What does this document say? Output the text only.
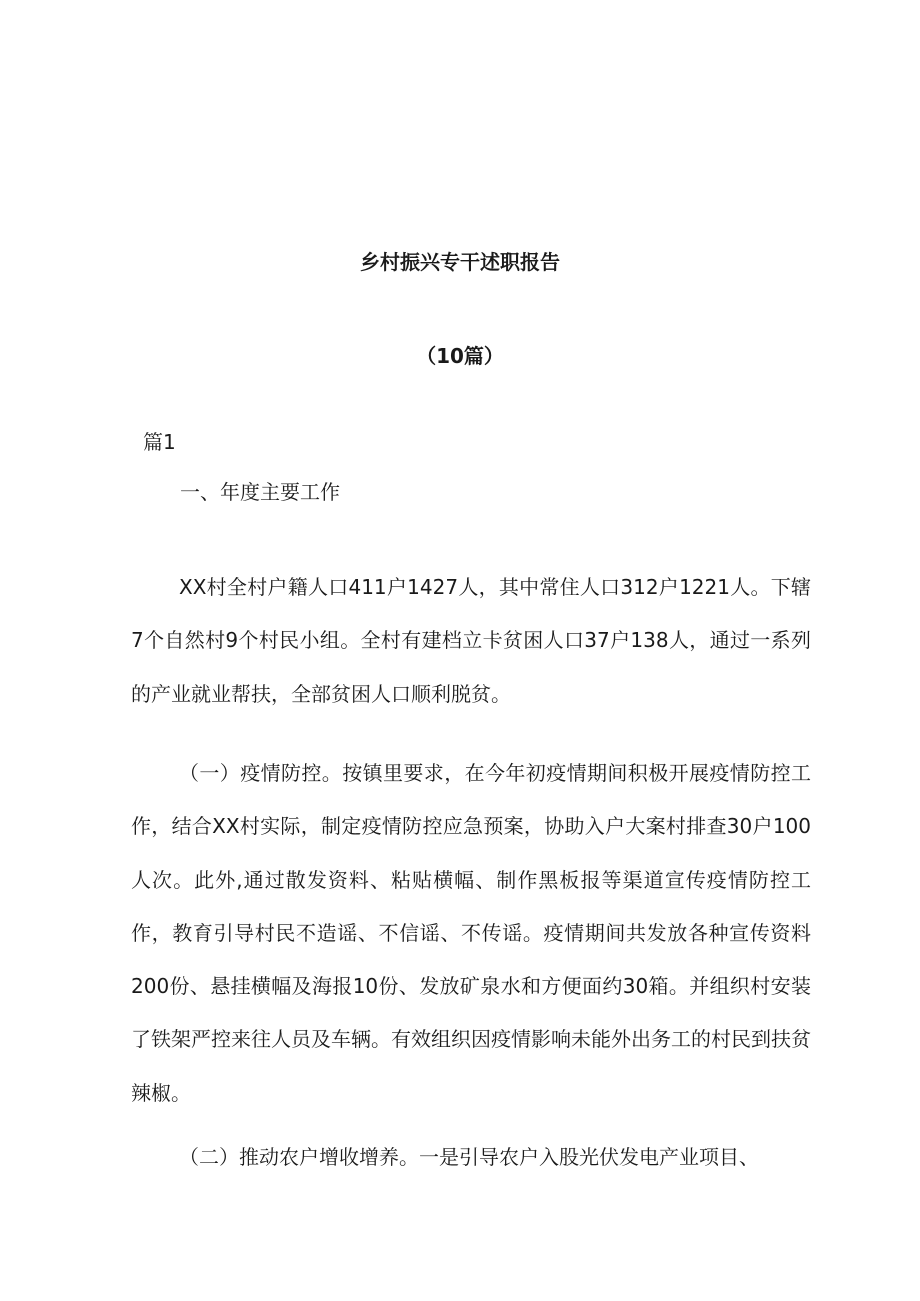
乡村振兴专干述职报告
（10篇）
篇1
一、年度主要工作

XX村全村户籍人口411户1427人，其中常住人口312户1221人。下辖7个自然村9个村民小组。全村有建档立卡贫困人口37户138人，通过一系列的产业就业帮扶，全部贫困人口顺利脱贫。

（一）疫情防控。按镇里要求，在今年初疫情期间积极开展疫情防控工作，结合XX村实际，制定疫情防控应急预案，协助入户大案村排查30户100人次。此外,通过散发资料、粘贴横幅、制作黑板报等渠道宣传疫情防控工作，教育引导村民不造谣、不信谣、不传谣。疫情期间共发放各种宣传资料200份、悬挂横幅及海报10份、发放矿泉水和方便面约30箱。并组织村安装了铁架严控来往人员及车辆。有效组织因疫情影响未能外出务工的村民到扶贫辣椒。

（二）推动农户增收增养。一是引导农户入股光伏发电产业项目、
